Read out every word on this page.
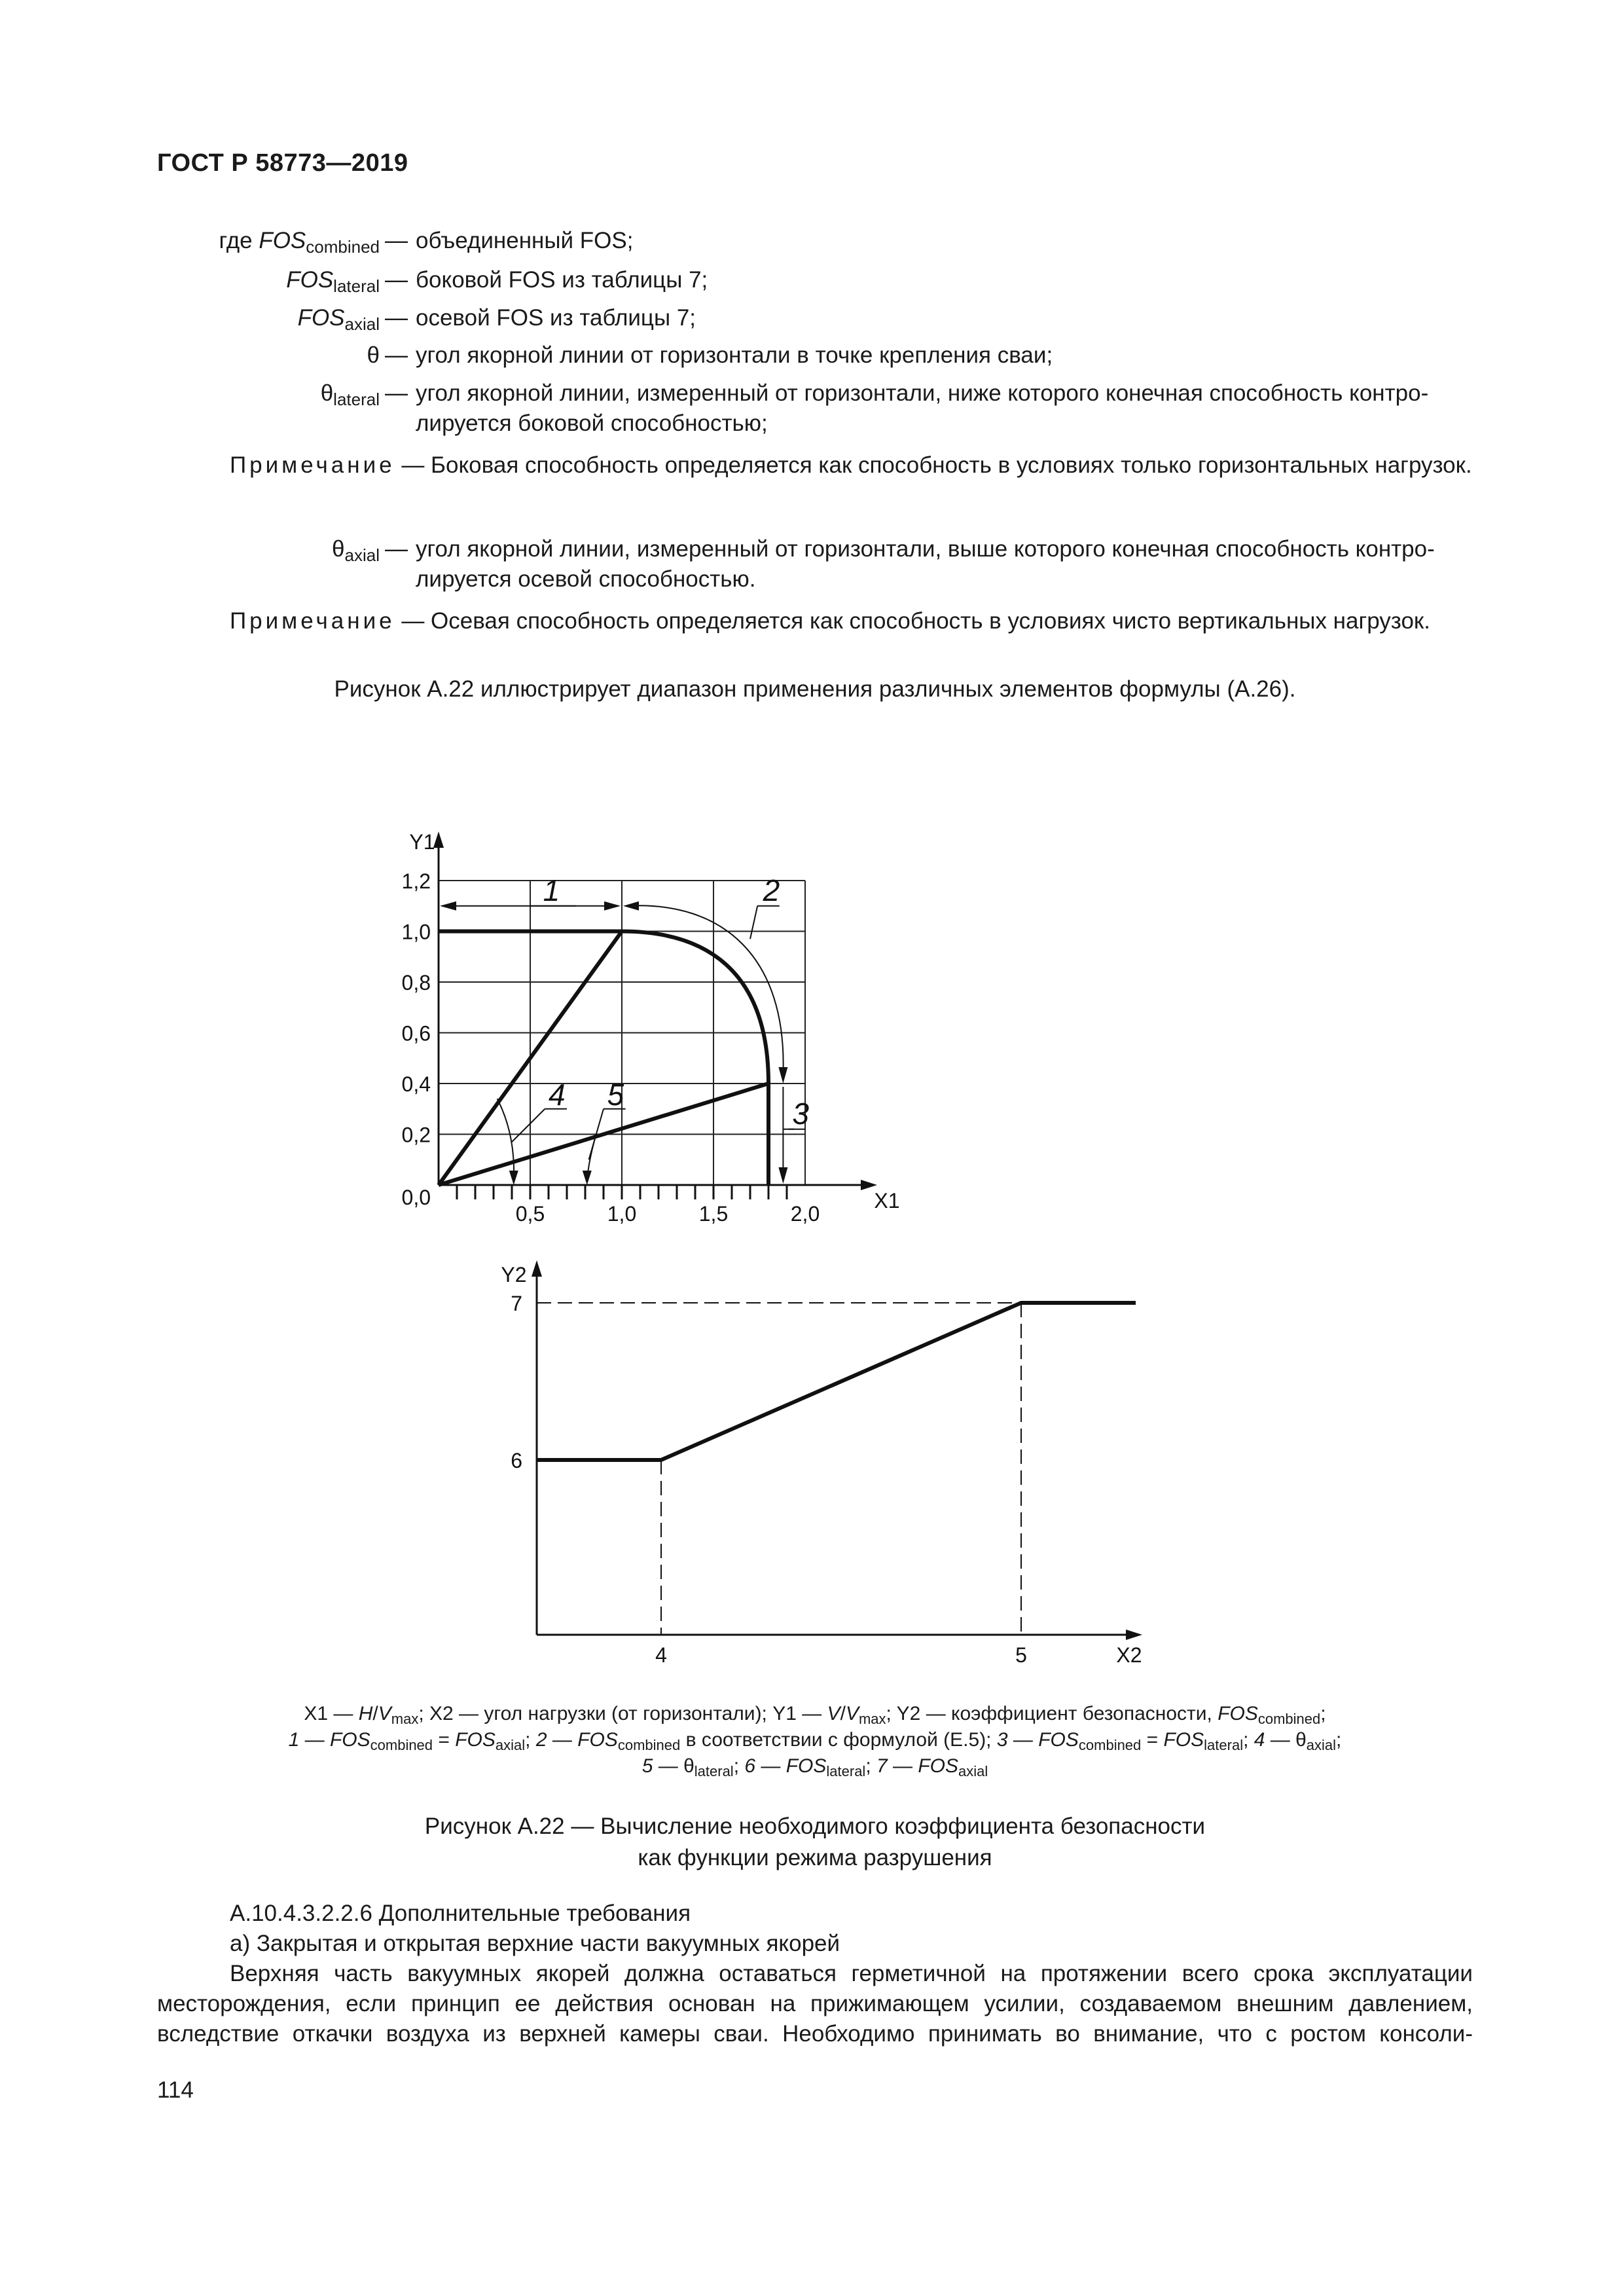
ГОСТ Р 58773—2019
где $FOS_{combined}$ — объединенный FOS;
$FOS_{lateral}$ — боковой FOS из таблицы 7;
$FOS_{axial}$ — осевой FOS из таблицы 7;
θ — угол якорной линии от горизонтали в точке крепления сваи;
$\theta_{lateral}$ — угол якорной линии, измеренный от горизонтали, ниже которого конечная способность контро-
лируется боковой способностью;
Примечание — Боковая способность определяется как способность в условиях только горизонтальных нагрузок.
$\theta_{axial}$ — угол якорной линии, измеренный от горизонтали, выше которого конечная способность контро-
лируется осевой способностью.
Примечание — Осевая способность определяется как способность в условиях чисто вертикальных нагрузок.
Рисунок А.22 иллюстрирует диапазон применения различных элементов формулы (А.26).
X1
Y1
0,5	1,0	1,5	2,0
0,0
0,2
0,4
0,6
0,8
1,0
1,2	1	2
3
4 5
X2
Y2
6
7
4	5
X1 — $H/V_{max}$; X2 — угол нагрузки (от горизонтали); Y1 — $V/V_{max}$; Y2 — коэффициент безопасности, $FOS_{combined}$;
1 — $FOS_{combined} = FOS_{axial}$; 2 — $FOS_{combined}$ в соответствии с формулой (Е.5); 3 — $FOS_{combined} = FOS_{lateral}$; 4 — $\theta_{axial}$;
5 — $\theta_{lateral}$; 6 — $FOS_{lateral}$; 7 — $FOS_{axial}$
Рисунок А.22 — Вычисление необходимого коэффициента безопасности
как функции режима разрушения
А.10.4.3.2.2.6 Дополнительные требования
а) Закрытая и открытая верхние части вакуумных якорей
Верхняя часть вакуумных якорей должна оставаться герметичной на протяжении всего срока эксплуатации
месторождения, если принцип ее действия основан на прижимающем усилии, создаваемом внешним давлением,
вследствие откачки воздуха из верхней камеры сваи. Необходимо принимать во внимание, что с ростом консоли-
114
